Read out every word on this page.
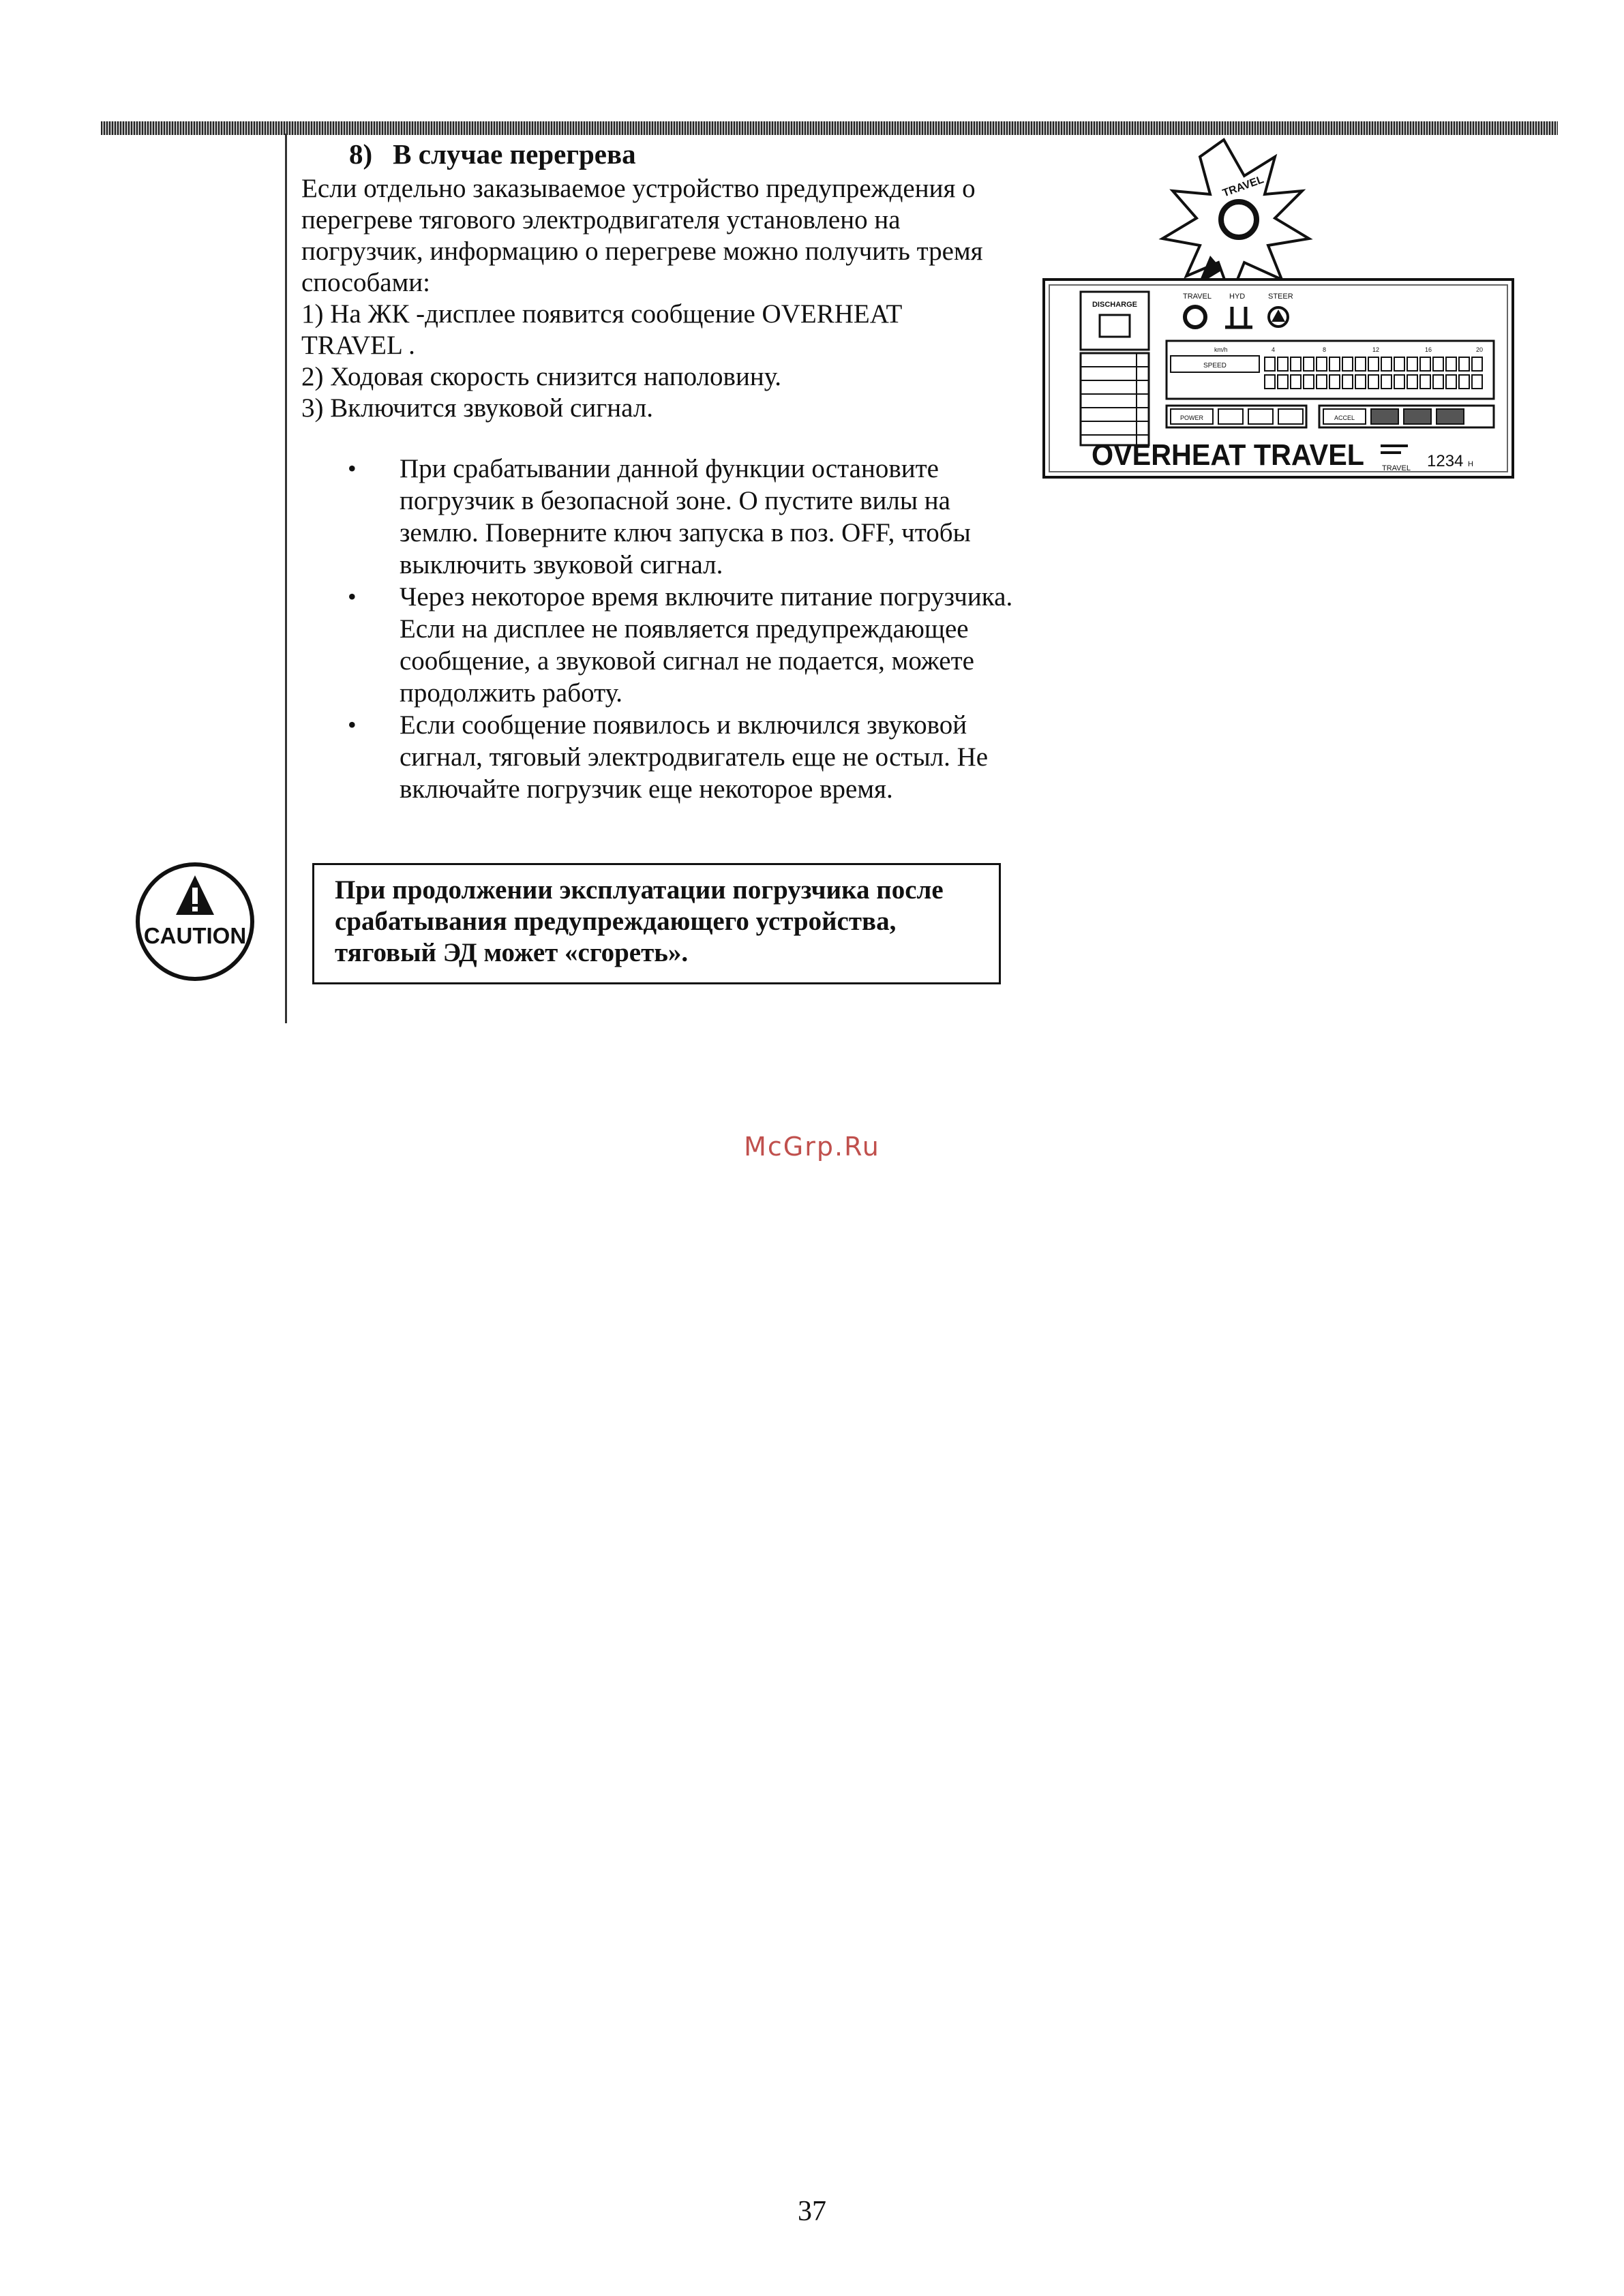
8) В случае перегрева
Если отдельно заказываемое устройство предупреждения о
перегреве тягового электродвигателя установлено на
погрузчик, информацию о перегреве можно получить тремя
способами:
1) На ЖК -дисплее появится сообщение OVERHEAT
TRAVEL .
2) Ходовая скорость снизится наполовину.
3) Включится звуковой сигнал.
• При срабатывании данной функции остановите погрузчик в безопасной зоне. О пустите вилы на землю. Поверните ключ запуска в поз. OFF, чтобы выключить звуковой сигнал.
• Через некоторое время включите питание погрузчика. Если на дисплее не появляется предупреждающее сообщение, а звуковой сигнал не подается, можете продолжить работу.
• Если сообщение появилось и включился звуковой сигнал, тяговый электродвигатель еще не остыл. Не включайте погрузчик еще некоторое время.
CAUTION
При продолжении эксплуатации погрузчика после срабатывания предупреждающего устройства, тяговый ЭД может «сгореть».
TRAVEL
DISCHARGE
TRAVEL HYD	STEER
km/h	4	8	12	16	20
SPEED
POWER	ACCEL
OVERHEAT TRAVEL TRAVEL 1234 H
McGrp.Ru
37
